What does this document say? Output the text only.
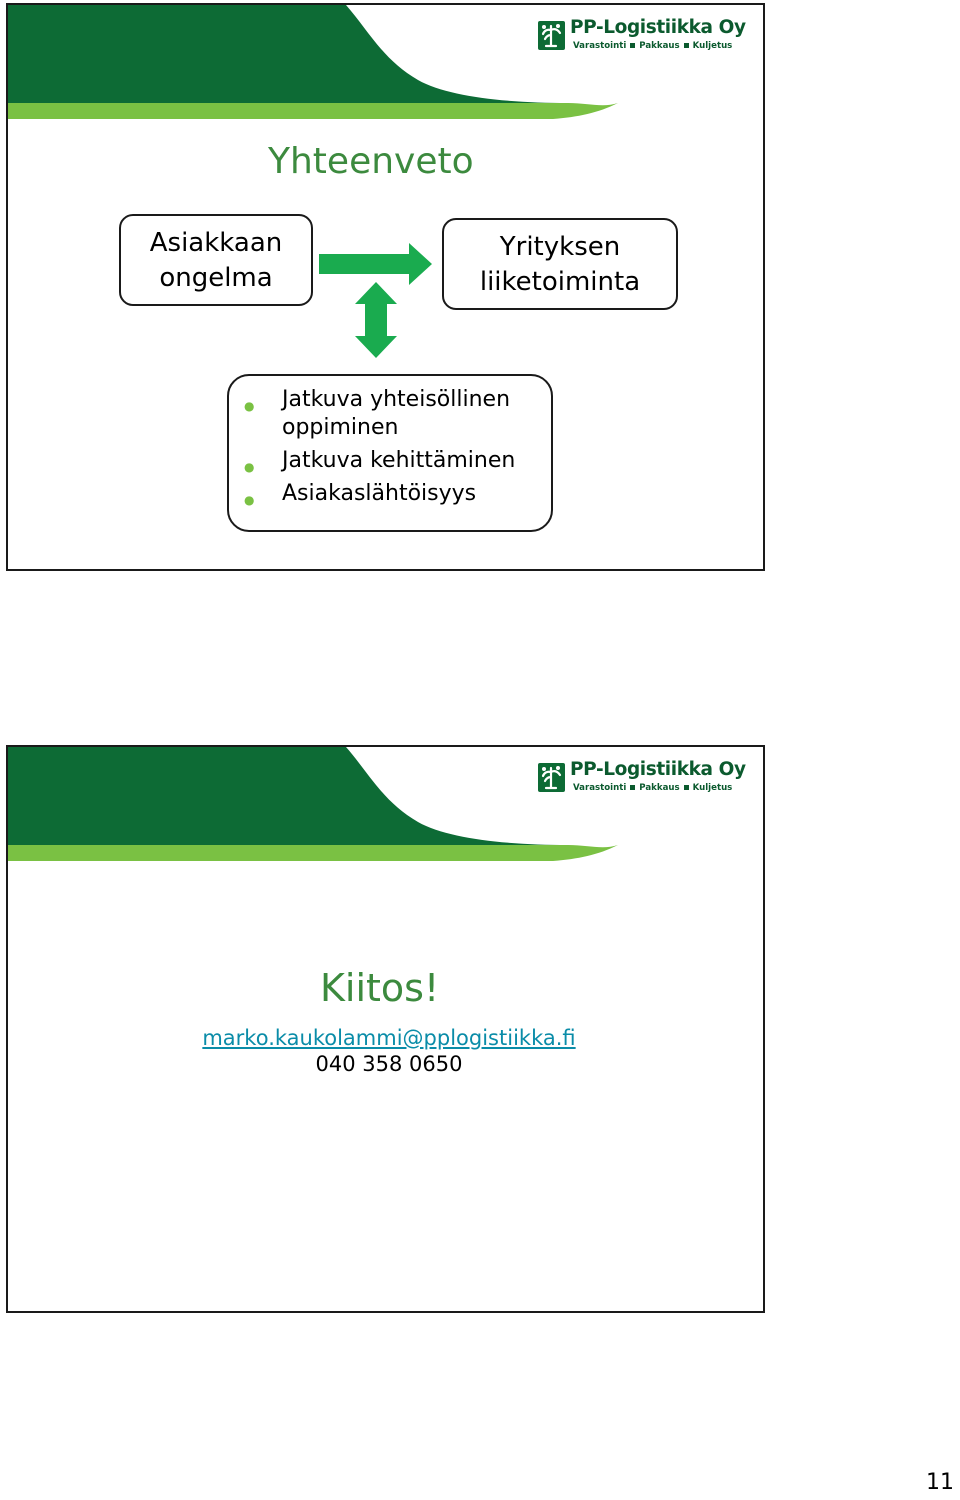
PP-Logistiikka Oy
Varastointi Pakkaus Kuljetus
Yhteenveto
Asiakkaan
ongelma
Yrityksen
liiketoiminta
● Jatkuva yhteisöllinen
oppiminen
● Jatkuva kehittäminen
● Asiakaslähtöisyys
PP-Logistiikka Oy
Varastointi Pakkaus Kuljetus
Kiitos!
marko.kaukolammi@pplogistiikka.fi
040 358 0650
11
